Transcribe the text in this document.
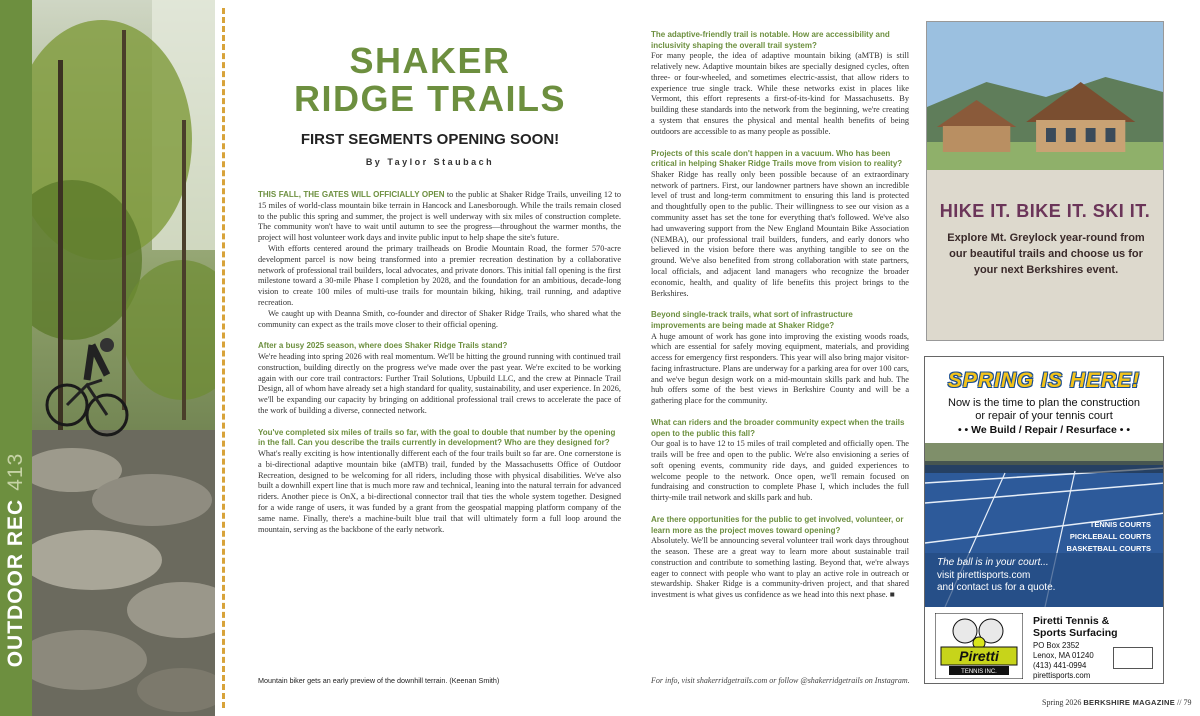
OUTDOOR REC413
SHAKER
RIDGE TRAILS
FIRST SEGMENTS OPENING SOON!
By Taylor Staubach

THIS FALL, THE GATES WILL OFFICIALLY OPEN to the public at Shaker Ridge Trails, unveiling 12 to 15 miles of world-class mountain bike terrain in Hancock and Lanesborough. While the trails remain closed to the public this spring and summer, the project is well underway with six miles of construction complete. The community won't have to wait until autumn to see the progress—throughout the warmer months, the project will host volunteer work days and invite public input to help shape the site's future.

With efforts centered around the primary trailheads on Brodie Mountain Road, the former 570-acre development parcel is now being transformed into a premier recreation destination by a collaborative network of professional trail builders, local advocates, and private donors. This initial fall opening is the first milestone toward a 30-mile Phase I completion by 2028, and the foundation for an ambitious, decade-long vision to create 100 miles of multi-use trails for mountain biking, hiking, trail running, and adaptive recreation.

We caught up with Deanna Smith, co-founder and director of Shaker Ridge Trails, who shared what the community can expect as the trails move closer to their official opening.

After a busy 2025 season, where does Shaker Ridge Trails stand?

We're heading into spring 2026 with real momentum. We'll be hitting the ground running with continued trail construction, building directly on the progress we've made over the past year. We're excited to be working again with our core trail contractors: Further Trail Solutions, Upbuild LLC, and the crew at Pinnacle Trail Design, all of whom have already set a high standard for quality, sustainability, and user experience. In 2026, we'll be expanding our capacity by bringing on additional professional trail crews to accelerate the pace of the work of building a diverse, connected network.

You've completed six miles of trails so far, with the goal to double that number by the opening in the fall. Can you describe the trails currently in development? Who are they designed for?

What's really exciting is how intentionally different each of the four trails built so far are. One cornerstone is a bi-directional adaptive mountain bike (aMTB) trail, funded by the Massachusetts Office of Outdoor Recreation, designed to be welcoming for all riders, including those with physical disabilities. We've also built a downhill expert line that is much more raw and technical, leaning into the natural terrain for advanced riders. Another piece is OnX, a bi-directional connector trail that ties the whole system together. Designed for a wide range of users, it was funded by a grant from the geospatial mapping platform company of the same name. Finally, there's a machine-built blue trail that will ultimately form a full loop around the mountain, serving as the backbone of the early network.

Mountain biker gets an early preview of the downhill terrain. (Keenan Smith)

The adaptive-friendly trail is notable. How are accessibility and inclusivity shaping the overall trail system?

For many people, the idea of adaptive mountain biking (aMTB) is still relatively new. Adaptive mountain bikes are specially designed cycles, often three- or four-wheeled, and sometimes electric-assist, that allow riders to experience true single track. While these networks exist in places like Vermont, this effort represents a first-of-its-kind for Massachusetts. By building these standards into the network from the beginning, we're creating a system that ensures the physical and mental health benefits of being outdoors are accessible to as many people as possible.

Projects of this scale don't happen in a vacuum. Who has been critical in helping Shaker Ridge Trails move from vision to reality?

Shaker Ridge has really only been possible because of an extraordinary network of partners. First, our landowner partners have shown an incredible level of trust and long-term commitment to ensuring this land is protected and thoughtfully open to the public. Their willingness to see our vision as a community asset has set the tone for everything that's followed. We've also had unwavering support from the New England Mountain Bike Association (NEMBA), our professional trail builders, funders, and early donors who believed in the vision before there was anything tangible to see on the ground. We've also benefited from strong collaboration with state partners, local officials, and adjacent land managers who recognize the broader economic, health, and quality of life benefits this project brings to the Berkshires.

Beyond single-track trails, what sort of infrastructure improvements are being made at Shaker Ridge?

A huge amount of work has gone into improving the existing woods roads, which are essential for safely moving equipment, materials, and providing access for emergency first responders. This year will also bring major visitor-facing infrastructure. Plans are underway for a parking area for over 100 cars, and we've begun design work on a mid-mountain skills park and hub. The hub offers some of the best views in Berkshire County and will be a gathering place for the community.

What can riders and the broader community expect when the trails open to the public this fall?

Our goal is to have 12 to 15 miles of trail completed and officially open. The trails will be free and open to the public. We're also envisioning a series of soft opening events, community ride days, and guided experiences to welcome people to the network. Once open, we'll remain focused on fundraising and construction to complete Phase I, which includes the full thirty-mile trail network and skills park and hub.

Are there opportunities for the public to get involved, volunteer, or learn more as the project moves toward opening?

Absolutely. We'll be announcing several volunteer trail work days throughout the season. These are a great way to learn more about sustainable trail construction and contribute to something lasting. Beyond that, we're always eager to connect with people who want to play an active role in outreach or stewardship. Shaker Ridge is a community-driven project, and that shared investment is what gives us confidence as we head into this next phase. ■

For info, visit shakerridgetrails.com or follow @shakerridgetrails on Instagram.
HIKE IT. BIKE IT. SKI IT.
Explore Mt. Greylock year-round from our beautiful trails and choose us for your next Berkshires event.
SPRING IS HERE!
Now is the time to plan the construction
or repair of your tennis court
• • We Build / Repair / Resurface • •
TENNIS COURTS
PICKLEBALL COURTS
BASKETBALL COURTS
The ball is in your court...
visit pirettisports.com
and contact us for a quote.
Piretti
TENNIS INC.
Piretti Tennis &
Sports Surfacing
PO Box 2352
Lenox, MA 01240
(413) 441-0994
pirettisports.com
Spring 2026 BERKSHIRE MAGAZINE // 79
